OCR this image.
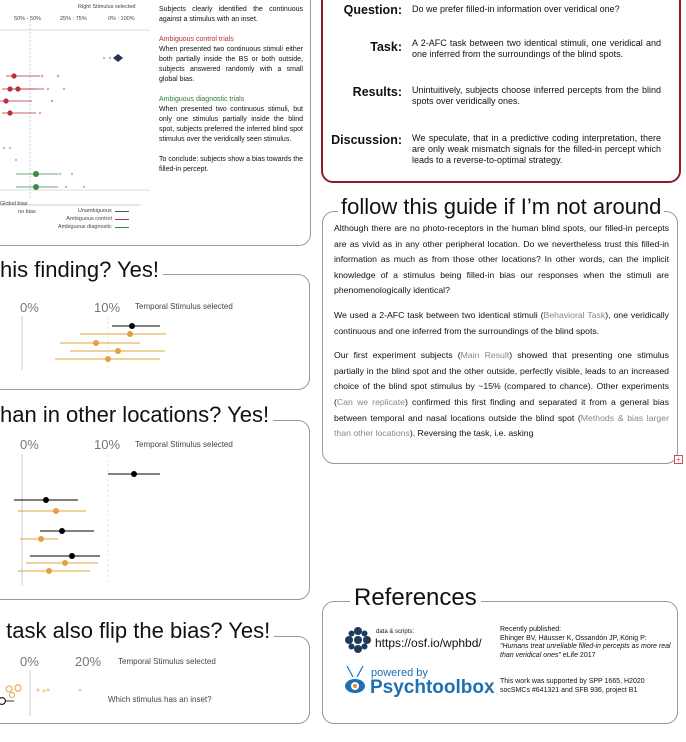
Right Stimulus selected
50% - 50%	25% : 75%	0% : 100%
Global bias
no bias	Unambiguous
Ambiguous control
Ambiguous diagnostic
Subjects clearly identified the continuous against a stimulus with an inset.
Ambiguous control trials
When presented two continuous stimuli either both partially inside the BS or both outside, subjects answered randomly with a small global bias.
Ambiguous diagnostic trials
When presented two continuous stimuli, but only one stimulus partially inside the blind spot, subjects preferred the inferred blind spot stimulus over the veridically seen stimulus.
To conclude: subjects show a bias towards the filled-in percept.
Question: Do we prefer filled-in information over veridical one?
Task: A 2-AFC task between two identical stimuli, one veridical and one inferred from the surroundings of the blind spots.
Results: Unintuitively, subjects choose inferred percepts from the blind spots over veridically ones.
Discussion: We speculate, that in a predictive coding interpretation, there are only weak mismatch signals for the filled-in percept which leads to a reverse-to-optimal strategy.
his finding? Yes!
0%	10% Temporal Stimulus selected
han in other locations? Yes!
0%	10% Temporal Stimulus selected
task also flip the bias? Yes!
0%	20% Temporal Stimulus selected
Which stimulus has an inset?
follow this guide if I’m not around

Although there are no photo-receptors in the human blind spots, our filled-in percepts are as vivid as in any other peripheral location. Do we nevertheless trust this filled-in information as much as from those other locations? In other words, can the implicit knowledge of a stimulus being filled-in bias our responses when the stimuli are phenomenologically identical?

We used a 2-AFC task between two identical stimuli (Behavioral Task), one veridically continuous and one inferred from the surroundings of the blind spots.

Our first experiment subjects (Main Result) showed that presenting one stimulus partially in the blind spot and the other outside, perfectly visible, leads to an increased choice of the blind spot stimulus by ~15% (compared to chance). Other experiments (Can we replicate) confirmed this first finding and separated it from a general bias between temporal and nasal locations outside the blind spot (Methods & bias larger than other locations). Reversing the task, i.e. asking

+
References
data & scripts:
https://osf.io/wphbd/
powered by
Psychtoolbox
Recently published:
Ehinger BV, Häusser K, Ossandón JP, König P:
"Humans treat unreliable filled-in percepts as more real than veridical ones" eLife 2017
This work was supported by SPP 1665, H2020 socSMCs #641321 and SFB 936, project B1
